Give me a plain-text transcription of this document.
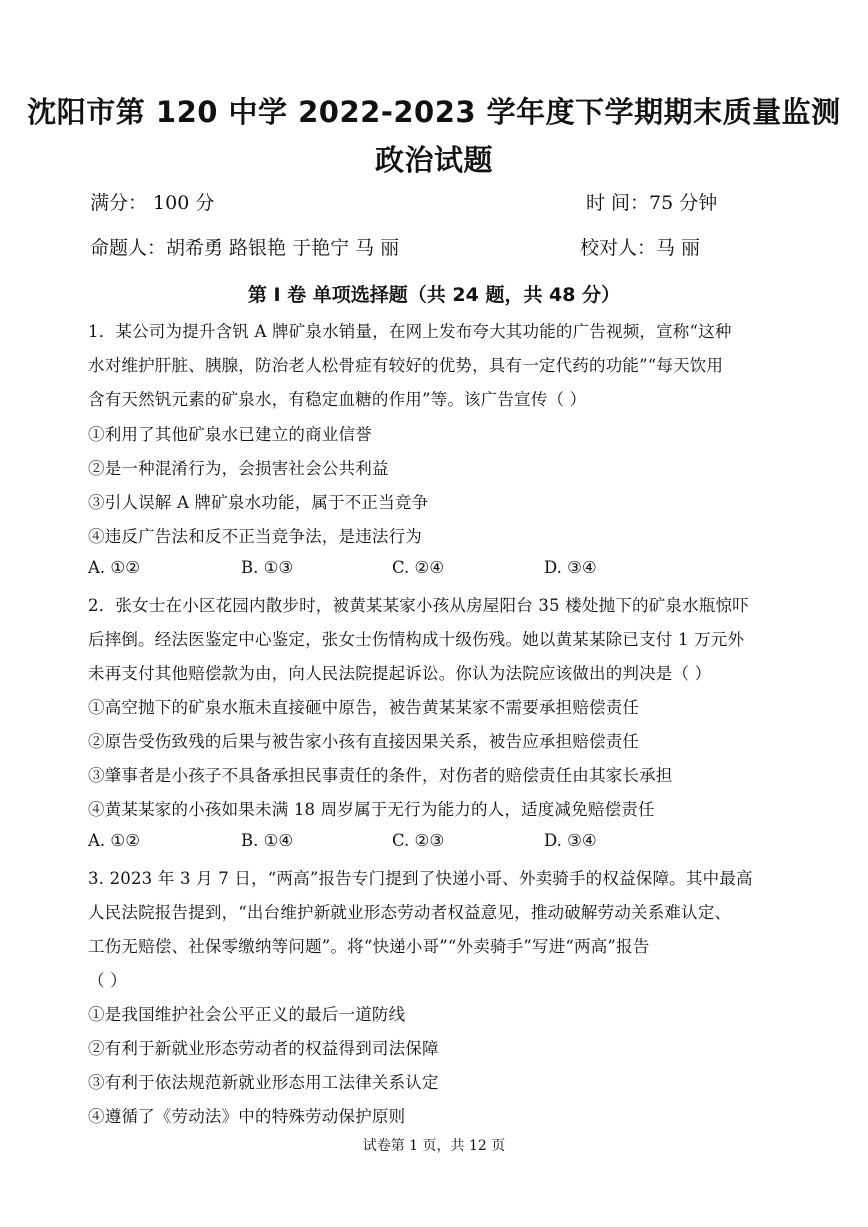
沈阳市第 120 中学 2022-2023 学年度下学期期末质量监测
政治试题
满分： 100 分	时 间：75 分钟
命题人：胡希勇 路银艳 于艳宁 马 丽	校对人：马 丽
第 I 卷 单项选择题（共 24 题，共 48 分）
1．某公司为提升含钒 A 牌矿泉水销量，在网上发布夸大其功能的广告视频，宣称“这种
水对维护肝脏、胰腺，防治老人松骨症有较好的优势，具有一定代药的功能”“每天饮用
含有天然钒元素的矿泉水，有稳定血糖的作用”等。该广告宣传（ ）
①利用了其他矿泉水已建立的商业信誉
②是一种混淆行为，会损害社会公共利益
③引人误解 A 牌矿泉水功能，属于不正当竞争
④违反广告法和反不正当竞争法，是违法行为
A. ①②	B. ①③	C. ②④	D. ③④
2．张女士在小区花园内散步时，被黄某某家小孩从房屋阳台 35 楼处抛下的矿泉水瓶惊吓
后摔倒。经法医鉴定中心鉴定，张女士伤情构成十级伤残。她以黄某某除已支付 1 万元外
未再支付其他赔偿款为由，向人民法院提起诉讼。你认为法院应该做出的判决是（ ）
①高空抛下的矿泉水瓶未直接砸中原告，被告黄某某家不需要承担赔偿责任
②原告受伤致残的后果与被告家小孩有直接因果关系，被告应承担赔偿责任
③肇事者是小孩子不具备承担民事责任的条件，对伤者的赔偿责任由其家长承担
④黄某某家的小孩如果未满 18 周岁属于无行为能力的人，适度减免赔偿责任
A. ①②	B. ①④	C. ②③	D. ③④
3. 2023 年 3 月 7 日，“两高”报告专门提到了快递小哥、外卖骑手的权益保障。其中最高
人民法院报告提到，“出台维护新就业形态劳动者权益意见，推动破解劳动关系难认定、
工伤无赔偿、社保零缴纳等问题”。将“快递小哥”“外卖骑手”写进“两高”报告
（ ）
①是我国维护社会公平正义的最后一道防线
②有利于新就业形态劳动者的权益得到司法保障
③有利于依法规范新就业形态用工法律关系认定
④遵循了《劳动法》中的特殊劳动保护原则
试卷第 1 页，共 12 页
